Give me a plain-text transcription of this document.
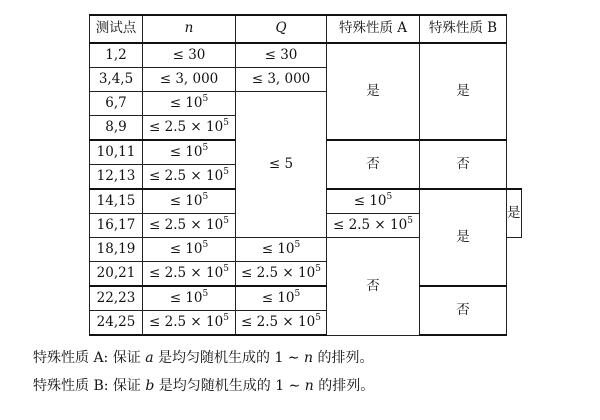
测试点	n	Q	特殊性质 A	特殊性质 B	
1,2	≤ 30	≤ 30	是	是	
3,4,5	≤ 3, 000	≤ 3, 000			
6,7	≤ $10^5$	≤ 5			
8,9	≤ $2.5 \times 10^5$
10,11	≤ $10^5$		否	否	
12,13	≤ $2.5 \times 10^5$
14,15	≤ $10^5$		≤ $10^5$	是	是
16,17	≤ $2.5 \times 10^5$		≤ $2.5 \times 10^5$
18,19	≤ $10^5$	≤ $10^5$	否		
20,21	≤ $2.5 \times 10^5$	≤ $2.5 \times 10^5$
22,23	≤ $10^5$	≤ $10^5$		否	
24,25	≤ $2.5 \times 10^5$	≤ $2.5 \times 10^5$
特殊性质 A: 保证 a 是均匀随机生成的 1 ∼ n 的排列。
特殊性质 B: 保证 b 是均匀随机生成的 1 ∼ n 的排列。
